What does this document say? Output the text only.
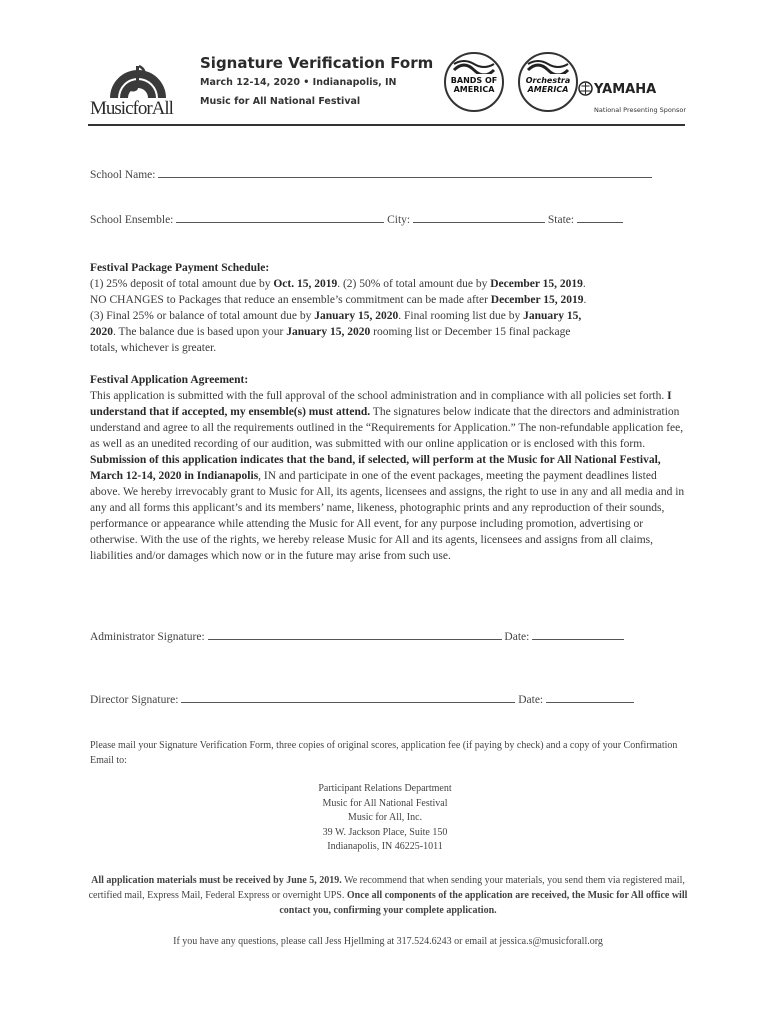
MusicforAll
Signature Verification Form
March 12-14, 2020 • Indianapolis, IN
Music for All National Festival
BANDS OF AMERICA
Orchestra AMERICA	YAMAHA
National Presenting Sponsor
School Name:
School Ensemble:	City:	State:
Festival Package Payment Schedule:
(1) 25% deposit of total amount due by Oct. 15, 2019. (2) 50% of total amount due by December 15, 2019.
NO CHANGES to Packages that reduce an ensemble’s commitment can be made after December 15, 2019.
(3) Final 25% or balance of total amount due by January 15, 2020. Final rooming list due by January 15,
2020. The balance due is based upon your January 15, 2020 rooming list or December 15 final package
totals, whichever is greater.
Festival Application Agreement:
This application is submitted with the full approval of the school administration and in compliance with all policies set forth. I understand that if accepted, my ensemble(s) must attend. The signatures below indicate that the directors and administration understand and agree to all the requirements outlined in the “Requirements for Application.” The non-refundable application fee, as well as an unedited recording of our audition, was submitted with our online application or is enclosed with this form. Submission of this application indicates that the band, if selected, will perform at the Music for All National Festival, March 12-14, 2020 in Indianapolis, IN and participate in one of the event packages, meeting the payment deadlines listed above. We hereby irrevocably grant to Music for All, its agents, licensees and assigns, the right to use in any and all media and in any and all forms this applicant’s and its members’ name, likeness, photographic prints and any reproduction of their sounds, performance or appearance while attending the Music for All event, for any purpose including promotion, advertising or otherwise. With the use of the rights, we hereby release Music for All and its agents, licensees and assigns from all claims, liabilities and/or damages which now or in the future may arise from such use.
Administrator Signature:	Date:
Director Signature:	Date:
Please mail your Signature Verification Form, three copies of original scores, application fee (if paying by check) and a copy of your Confirmation Email to:
Participant Relations Department
Music for All National Festival
Music for All, Inc.
39 W. Jackson Place, Suite 150
Indianapolis, IN 46225-1011
All application materials must be received by June 5, 2019. We recommend that when sending your materials, you send them via registered mail, certified mail, Express Mail, Federal Express or overnight UPS. Once all components of the application are received, the Music for All office will contact you, confirming your complete application.
If you have any questions, please call Jess Hjellming at 317.524.6243 or email at jessica.s@musicforall.org
